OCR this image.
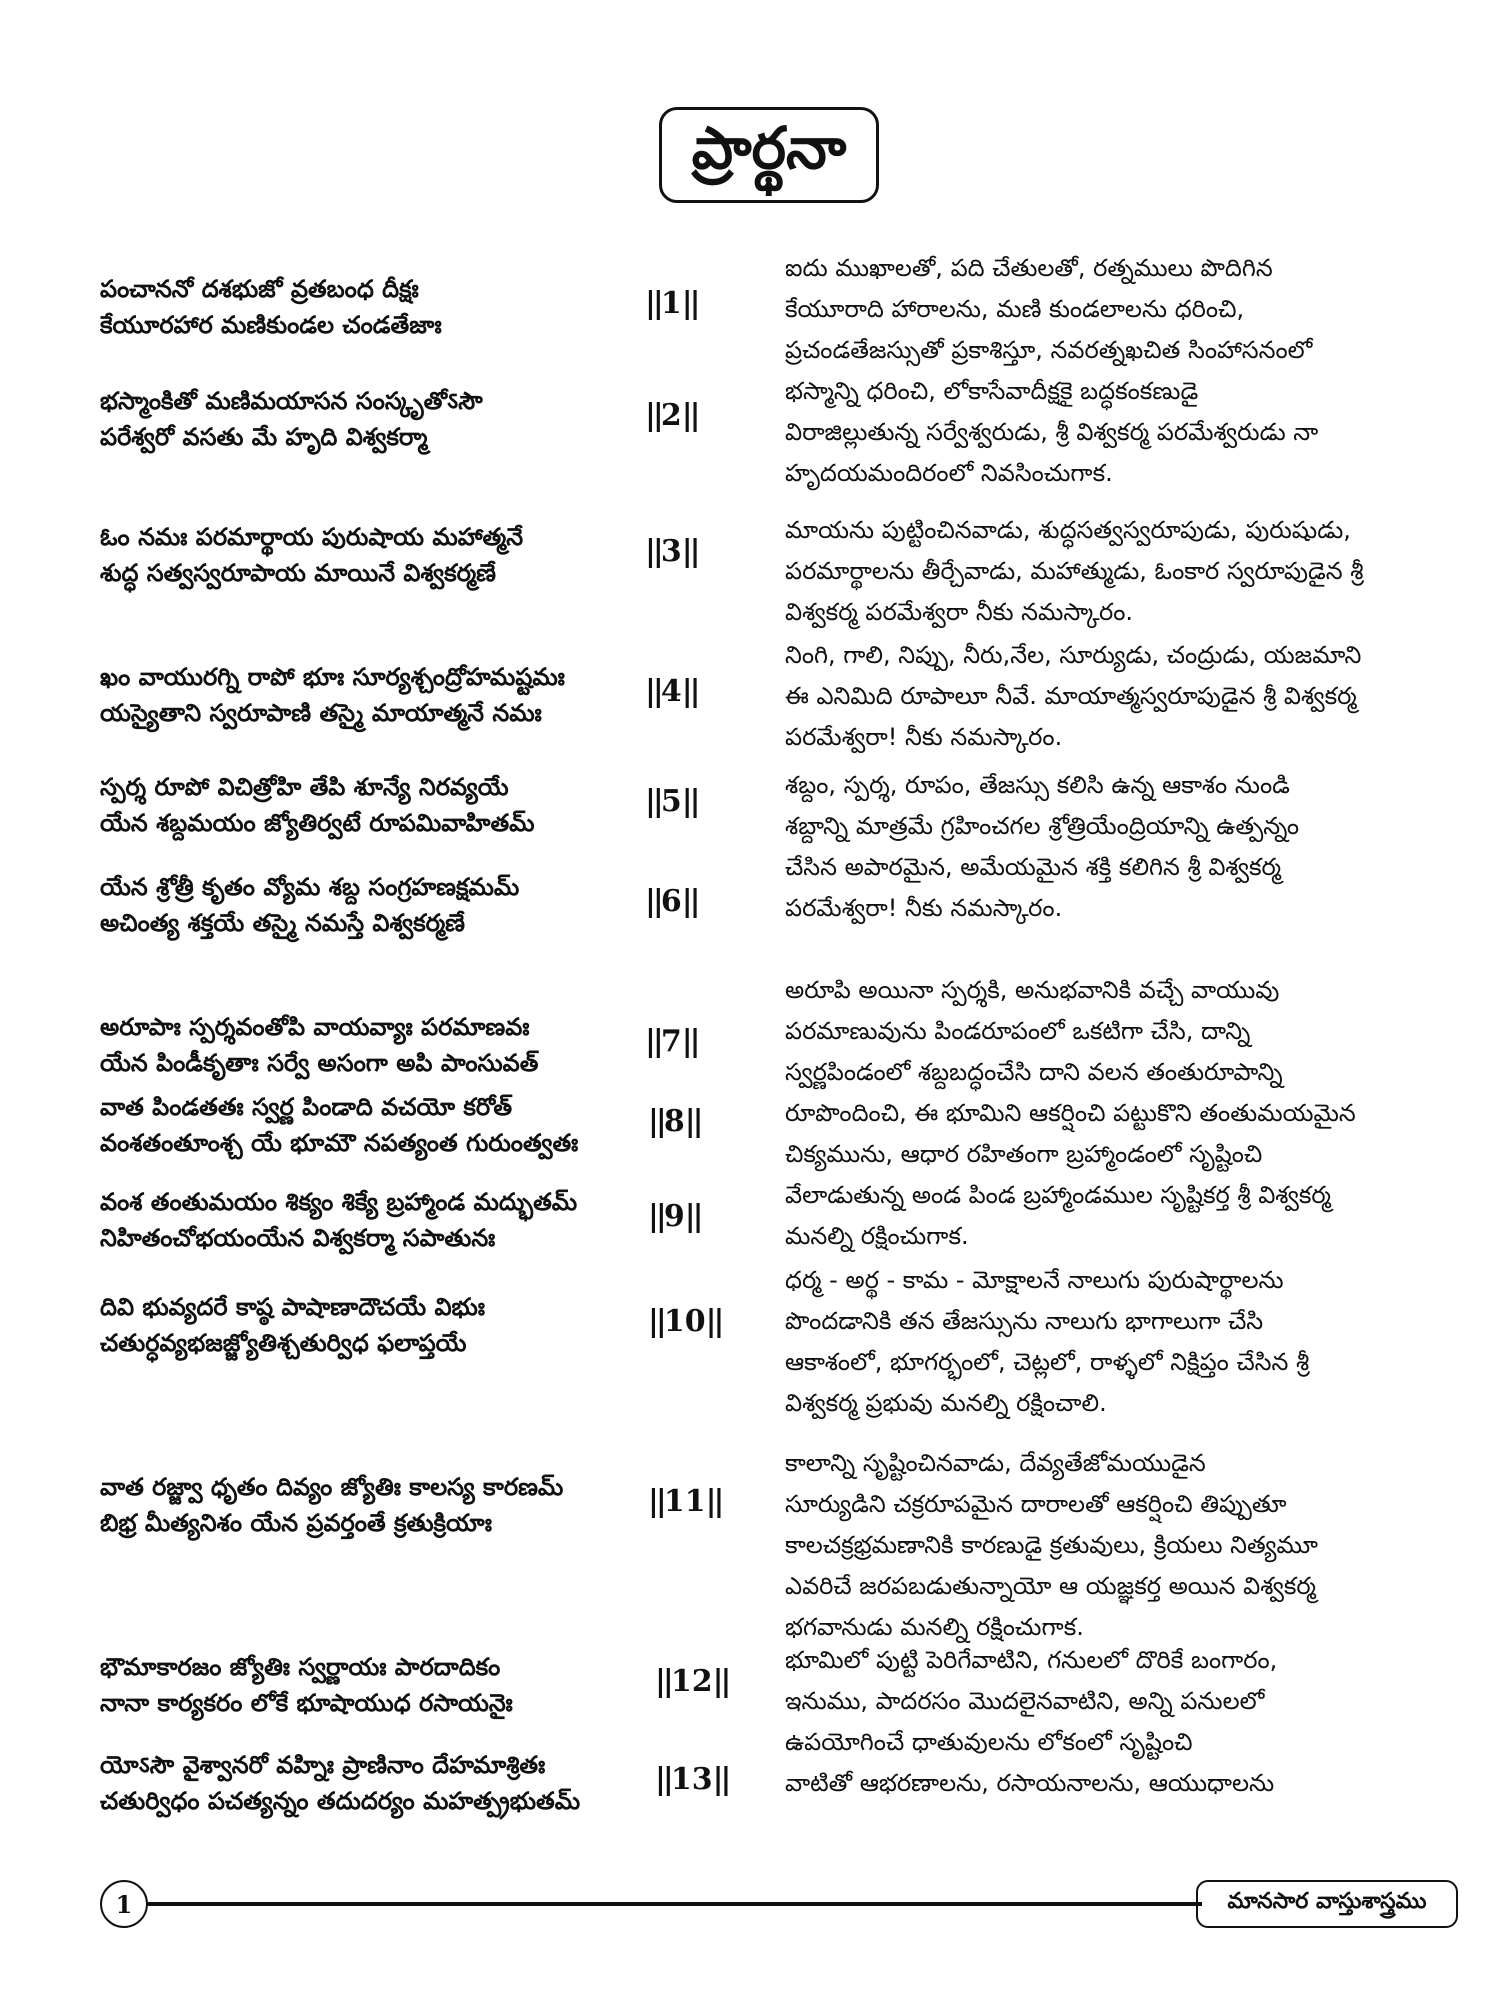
ప్రార్థనా
పంచాననో దశభుజో వ్రతబంధ దీక్షః
కేయూరహార మణికుండల చండతేజాః
||1||
భస్మాంకితో మణిమయాసన సంస్కృతోऽసౌ
పరేశ్వరో వసతు మే హృది విశ్వకర్మా
||2||
ఓం నమః పరమార్థాయ పురుషాయ మహాత్మనే
శుద్ధ సత్వస్వరూపాయ మాయినే విశ్వకర్మణే
||3||
ఖం వాయురగ్ని రాపో భూః సూర్యశ్చంద్రోహమష్టమః
యస్యైతాని స్వరూపాణి తస్మై మాయాత్మనే నమః
||4||
స్పర్శ రూపో విచిత్రోహి తేపి శూన్యే నిరవ్యయే
యేన శబ్దమయం జ్యోతిర్వటే రూపమివాహితమ్
||5||
యేన శ్రోత్రీ కృతం వ్యోమ శబ్ద సంగ్రహణక్షమమ్
అచింత్య శక్తయే తస్మై నమస్తే విశ్వకర్మణే
||6||
అరూపాః స్పర్శవంతోపి వాయవ్యాః పరమాణవః
యేన పిండీకృతాః సర్వే అసంగా అపి పాంసువత్
||7||
వాత పిండతతః స్వర్ణ పిండాది వచయో కరోత్
వంశతంతూంశ్చ యే భూమౌ నపత్యంత గురుంత్వతః
||8||
వంశ తంతుమయం శిక్యం శిక్యే బ్రహ్మాండ మద్భుతమ్
నిహితంచోభయంయేన విశ్వకర్మా సపాతునః
||9||
దివి భువ్యదరే కాష్ఠ పాషాణాదౌచయే విభుః
చతుర్ధవ్యభజజ్జ్యోతిశ్చతుర్విధ ఫలాప్తయే
||10||
వాత రజ్జ్వా ధృతం దివ్యం జ్యోతిః కాలస్య కారణమ్
బిభ్ర మీత్యనిశం యేన ప్రవర్తంతే క్రతుక్రియాః
||11||
భౌమాకారజం జ్యోతిః స్వర్ణాయః పారదాదికం
నానా కార్యకరం లోకే భూషాయుధ రసాయనైః
||12||
యోऽసౌ వైశ్వానరో వహ్నిః ప్రాణినాం దేహమాశ్రితః
చతుర్విధం పచత్యన్నం తదుదర్యం మహత్ప్రభుతమ్
||13||

ఐదు ముఖాలతో, పది చేతులతో, రత్నములు పొదిగిన

కేయూరాది హారాలను, మణి కుండలాలను ధరించి,

ప్రచండతేజస్సుతో ప్రకాశిస్తూ, నవరత్నఖచిత సింహాసనంలో

భస్మాన్ని ధరించి, లోకాసేవాదీక్షకై బద్ధకంకణుడై

విరాజిల్లుతున్న సర్వేశ్వరుడు, శ్రీ విశ్వకర్మ పరమేశ్వరుడు నా

హృదయమందిరంలో నివసించుగాక.

మాయను పుట్టించినవాడు, శుద్ధసత్వస్వరూపుడు, పురుషుడు,

పరమార్థాలను తీర్చేవాడు, మహాత్ముడు, ఓంకార స్వరూపుడైన శ్రీ

విశ్వకర్మ పరమేశ్వరా నీకు నమస్కారం.

నింగి, గాలి, నిప్పు, నీరు,నేల, సూర్యుడు, చంద్రుడు, యజమాని

ఈ ఎనిమిది రూపాలూ నీవే. మాయాత్మస్వరూపుడైన శ్రీ విశ్వకర్మ

పరమేశ్వరా! నీకు నమస్కారం.

శబ్దం, స్పర్శ, రూపం, తేజస్సు కలిసి ఉన్న ఆకాశం నుండి

శబ్దాన్ని మాత్రమే గ్రహించగల శ్రోత్రియేంద్రియాన్ని ఉత్పన్నం

చేసిన అపారమైన, అమేయమైన శక్తి కలిగిన శ్రీ విశ్వకర్మ

పరమేశ్వరా! నీకు నమస్కారం.

అరూపి అయినా స్పర్శకి, అనుభవానికి వచ్చే వాయువు

పరమాణువును పిండరూపంలో ఒకటిగా చేసి, దాన్ని

స్వర్ణపిండంలో శబ్దబద్ధంచేసి దాని వలన తంతురూపాన్ని

రూపొందించి, ఈ భూమిని ఆకర్షించి పట్టుకొని తంతుమయమైన

చిక్యమును, ఆధార రహితంగా బ్రహ్మాండంలో సృష్టించి

వేలాడుతున్న అండ పిండ బ్రహ్మాండముల సృష్టికర్త శ్రీ విశ్వకర్మ

మనల్ని రక్షించుగాక.

ధర్మ - అర్థ - కామ - మోక్షాలనే నాలుగు పురుషార్థాలను

పొందడానికి తన తేజస్సును నాలుగు భాగాలుగా చేసి

ఆకాశంలో, భూగర్భంలో, చెట్లలో, రాళ్ళలో నిక్షిప్తం చేసిన శ్రీ

విశ్వకర్మ ప్రభువు మనల్ని రక్షించాలి.

కాలాన్ని సృష్టించినవాడు, దేవ్యతేజోమయుడైన

సూర్యుడిని చక్రరూపమైన దారాలతో ఆకర్షించి తిప్పుతూ

కాలచక్రభ్రమణానికి కారణుడై క్రతువులు, క్రియలు నిత్యమూ

ఎవరిచే జరపబడుతున్నాయో ఆ యజ్ఞకర్త అయిన విశ్వకర్మ

భగవానుడు మనల్ని రక్షించుగాక.

భూమిలో పుట్టి పెరిగేవాటిని, గనులలో దొరికే బంగారం,

ఇనుము, పాదరసం మొదలైనవాటిని, అన్ని పనులలో

ఉపయోగించే ధాతువులను లోకంలో సృష్టించి

వాటితో ఆభరణాలను, రసాయనాలను, ఆయుధాలను

1	మానసార వాస్తుశాస్త్రము
